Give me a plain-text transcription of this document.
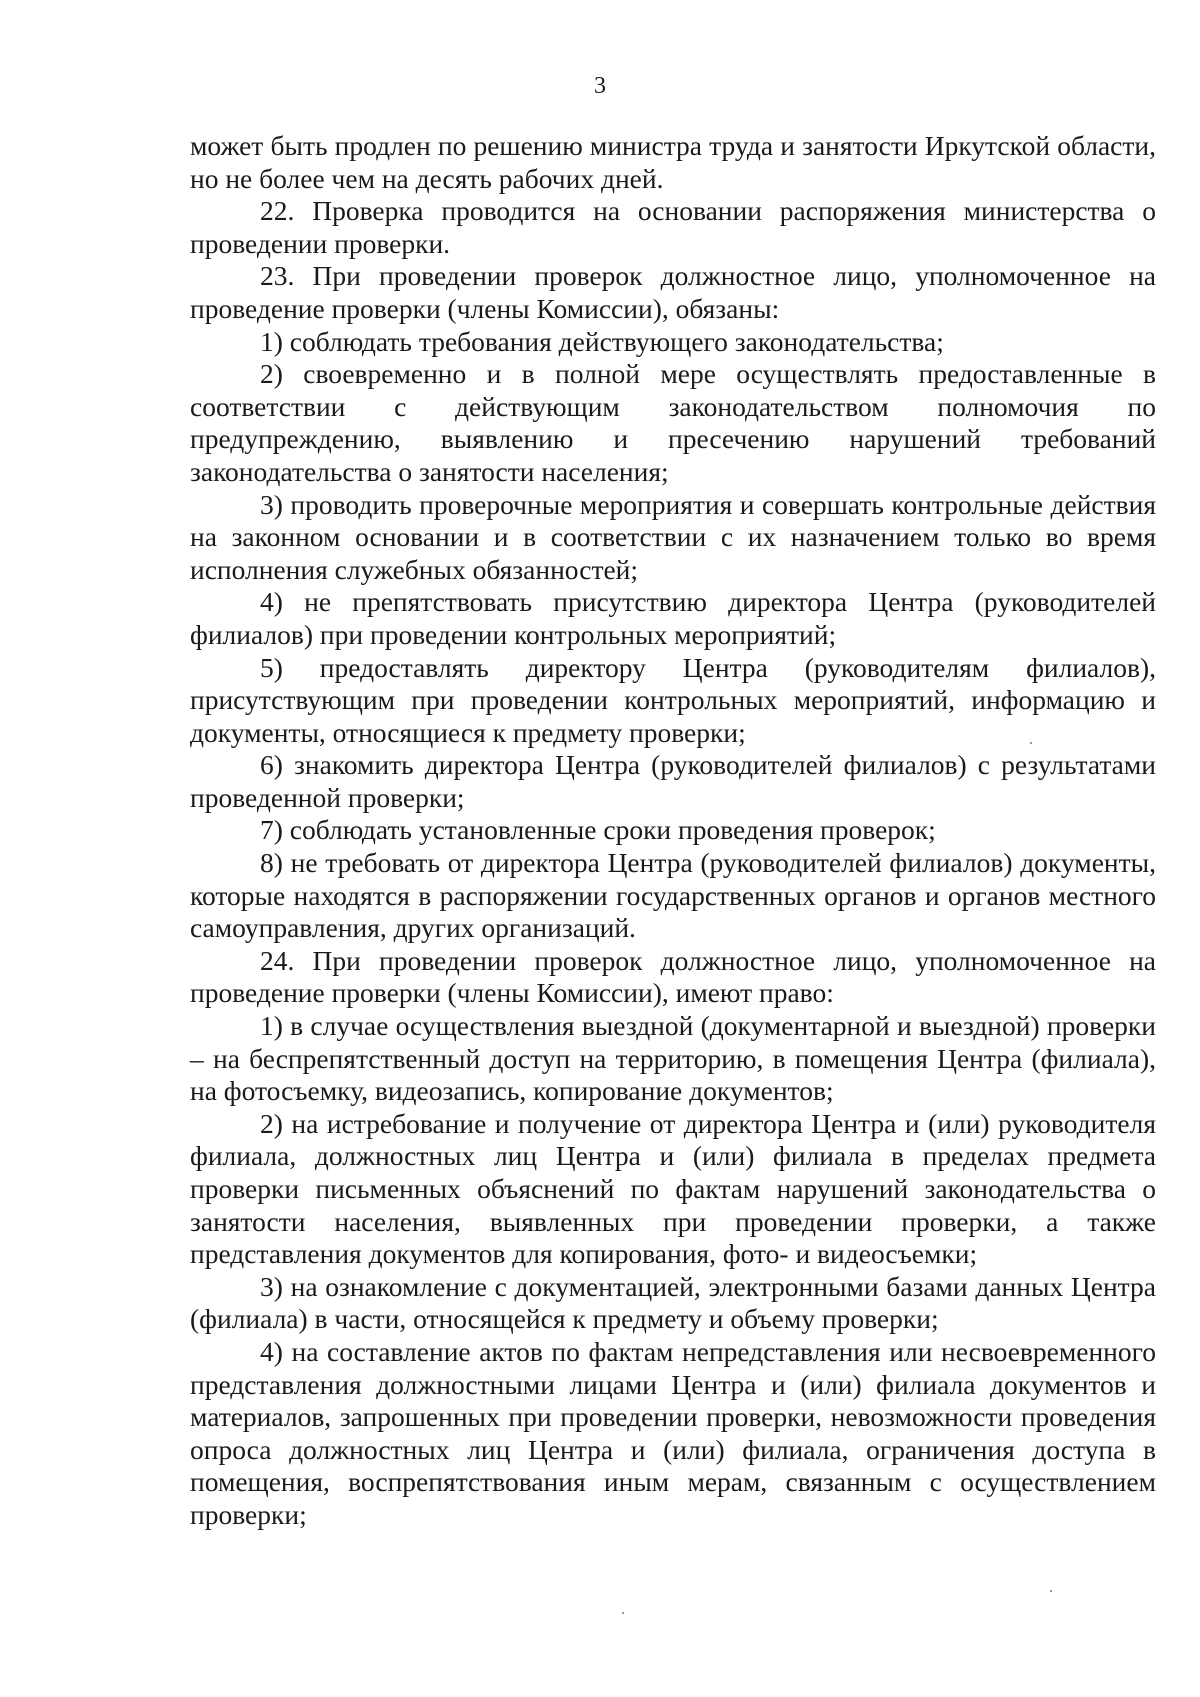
3

может быть продлен по решению министра труда и занятости Иркутской области, но не более чем на десять рабочих дней.

22. Проверка проводится на основании распоряжения министерства о проведении проверки.

23. При проведении проверок должностное лицо, уполномоченное на проведение проверки (члены Комиссии), обязаны:

1) соблюдать требования действующего законодательства;

2) своевременно и в полной мере осуществлять предоставленные в соответствии с действующим законодательством полномочия по предупреждению, выявлению и пресечению нарушений требований законодательства о занятости населения;

3) проводить проверочные мероприятия и совершать контрольные действия на законном основании и в соответствии с их назначением только во время исполнения служебных обязанностей;

4) не препятствовать присутствию директора Центра (руководителей филиалов) при проведении контрольных мероприятий;

5) предоставлять директору Центра (руководителям филиалов), присутствующим при проведении контрольных мероприятий, информацию и документы, относящиеся к предмету проверки;

6) знакомить директора Центра (руководителей филиалов) с результатами проведенной проверки;

7) соблюдать установленные сроки проведения проверок;

8) не требовать от директора Центра (руководителей филиалов) документы, которые находятся в распоряжении государственных органов и органов местного самоуправления, других организаций.

24. При проведении проверок должностное лицо, уполномоченное на проведение проверки (члены Комиссии), имеют право:

1) в случае осуществления выездной (документарной и выездной) проверки – на беспрепятственный доступ на территорию, в помещения Центра (филиала), на фотосъемку, видеозапись, копирование документов;

2) на истребование и получение от директора Центра и (или) руководителя филиала, должностных лиц Центра и (или) филиала в пределах предмета проверки письменных объяснений по фактам нарушений законодательства о занятости населения, выявленных при проведении проверки, а также представления документов для копирования, фото- и видеосъемки;

3) на ознакомление с документацией, электронными базами данных Центра (филиала) в части, относящейся к предмету и объему проверки;

4) на составление актов по фактам непредставления или несвоевременного представления должностными лицами Центра и (или) филиала документов и материалов, запрошенных при проведении проверки, невозможности проведения опроса должностных лиц Центра и (или) филиала, ограничения доступа в помещения, воспрепятствования иным мерам, связанным с осуществлением проверки;
